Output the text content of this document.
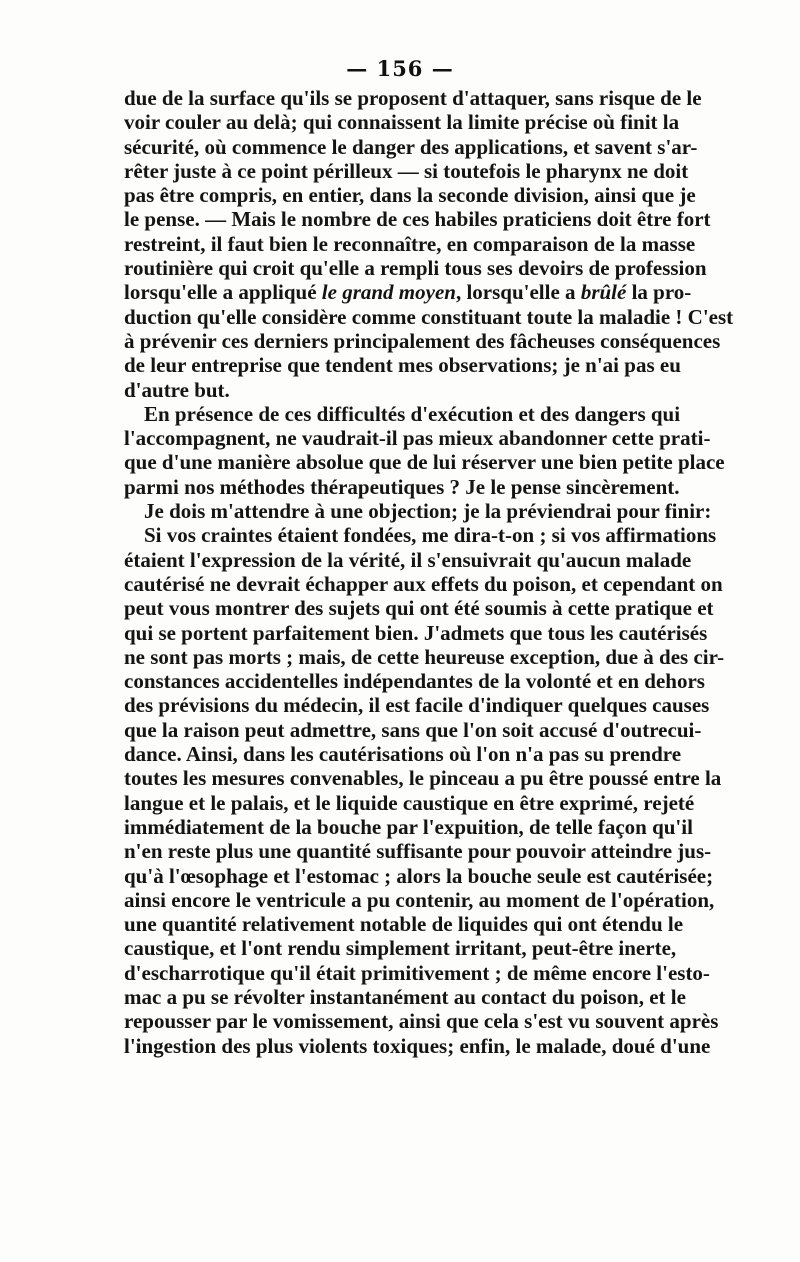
— 156 —
due de la surface qu'ils se proposent d'attaquer, sans risque de le
voir couler au delà; qui connaissent la limite précise où finit la
sécurité, où commence le danger des applications, et savent s'ar-
rêter juste à ce point périlleux — si toutefois le pharynx ne doit
pas être compris, en entier, dans la seconde division, ainsi que je
le pense. — Mais le nombre de ces habiles praticiens doit être fort
restreint, il faut bien le reconnaître, en comparaison de la masse
routinière qui croit qu'elle a rempli tous ses devoirs de profession
lorsqu'elle a appliqué le grand moyen, lorsqu'elle a brûlé la pro-
duction qu'elle considère comme constituant toute la maladie ! C'est
à prévenir ces derniers principalement des fâcheuses conséquences
de leur entreprise que tendent mes observations; je n'ai pas eu
d'autre but.
En présence de ces difficultés d'exécution et des dangers qui
l'accompagnent, ne vaudrait-il pas mieux abandonner cette prati-
que d'une manière absolue que de lui réserver une bien petite place
parmi nos méthodes thérapeutiques ? Je le pense sincèrement.
Je dois m'attendre à une objection; je la préviendrai pour finir:
Si vos craintes étaient fondées, me dira-t-on ; si vos affirmations
étaient l'expression de la vérité, il s'ensuivrait qu'aucun malade
cautérisé ne devrait échapper aux effets du poison, et cependant on
peut vous montrer des sujets qui ont été soumis à cette pratique et
qui se portent parfaitement bien. J'admets que tous les cautérisés
ne sont pas morts ; mais, de cette heureuse exception, due à des cir-
constances accidentelles indépendantes de la volonté et en dehors
des prévisions du médecin, il est facile d'indiquer quelques causes
que la raison peut admettre, sans que l'on soit accusé d'outrecui-
dance. Ainsi, dans les cautérisations où l'on n'a pas su prendre
toutes les mesures convenables, le pinceau a pu être poussé entre la
langue et le palais, et le liquide caustique en être exprimé, rejeté
immédiatement de la bouche par l'expuition, de telle façon qu'il
n'en reste plus une quantité suffisante pour pouvoir atteindre jus-
qu'à l'œsophage et l'estomac ; alors la bouche seule est cautérisée;
ainsi encore le ventricule a pu contenir, au moment de l'opération,
une quantité relativement notable de liquides qui ont étendu le
caustique, et l'ont rendu simplement irritant, peut-être inerte,
d'escharrotique qu'il était primitivement ; de même encore l'esto-
mac a pu se révolter instantanément au contact du poison, et le
repousser par le vomissement, ainsi que cela s'est vu souvent après
l'ingestion des plus violents toxiques; enfin, le malade, doué d'une
